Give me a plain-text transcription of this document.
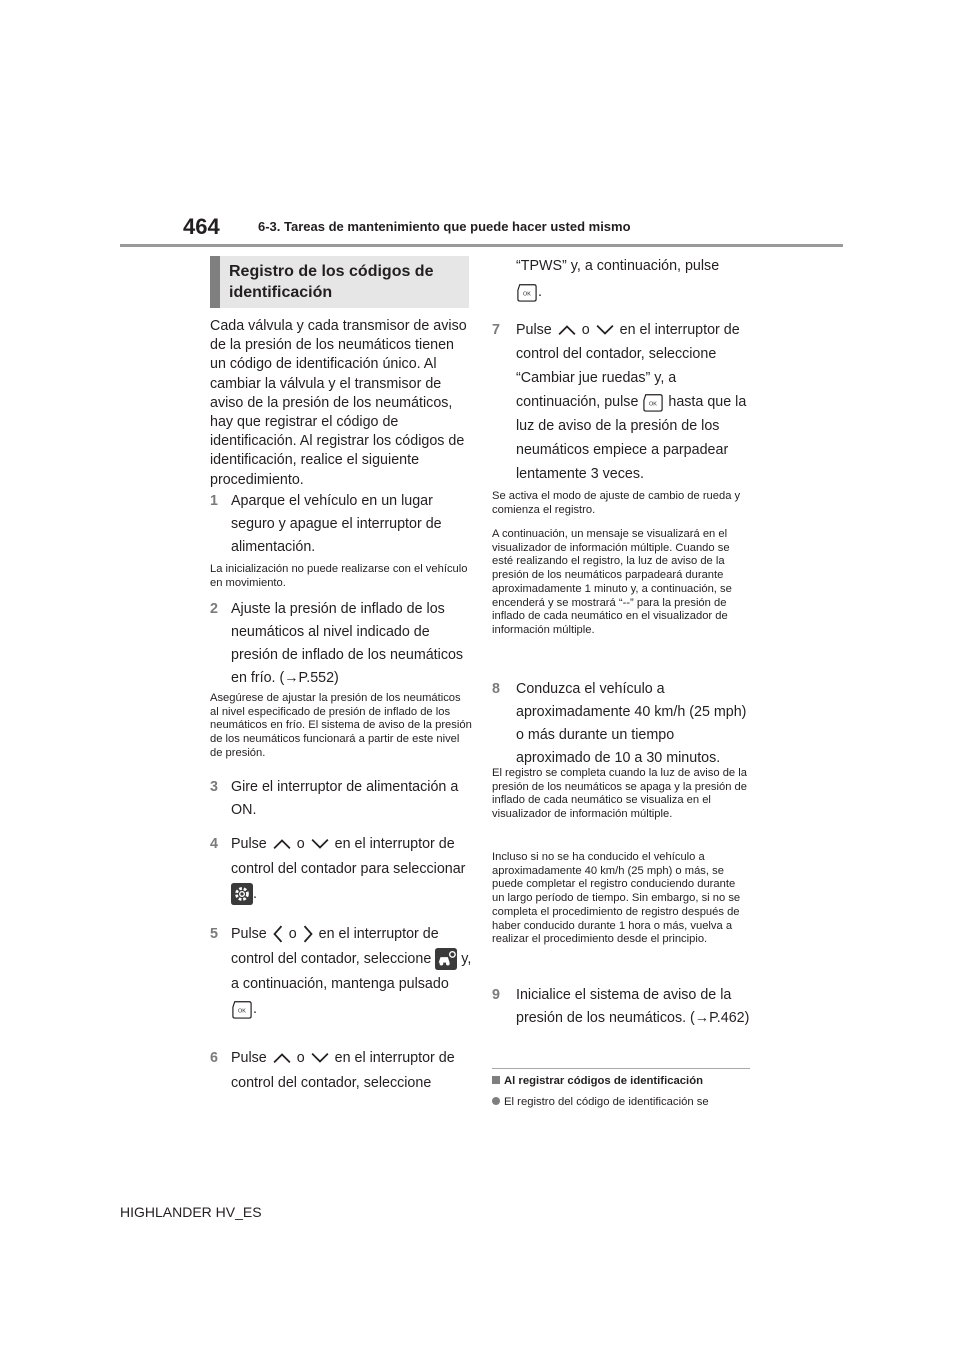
464	6-3. Tareas de mantenimiento que puede hacer usted mismo
Registro de los códigos de identificación
Cada válvula y cada transmisor de aviso de la presión de los neumáticos tienen un código de identificación único. Al cambiar la válvula y el transmisor de aviso de la presión de los neumáticos, hay que registrar el código de identificación. Al registrar los códigos de identificación, realice el siguiente procedimiento.
1 Aparque el vehículo en un lugar seguro y apague el interruptor de alimentación.
La inicialización no puede realizarse con el vehículo en movimiento.
2 Ajuste la presión de inflado de los neumáticos al nivel indicado de presión de inflado de los neumáticos en frío. (→P.552)
Asegúrese de ajustar la presión de los neumáticos al nivel especificado de presión de inflado de los neumáticos en frío. El sistema de aviso de la presión de los neumáticos funcionará a partir de este nivel de presión.
3 Gire el interruptor de alimentación a ON.
4 Pulse o en el interruptor de control del contador para seleccionar .
5 Pulse o en el interruptor de control del contador, seleccione y, a continuación, mantenga pulsado .
6 Pulse o en el interruptor de control del contador, seleccione
“TPWS” y, a continuación, pulse
.
7 Pulse o en el interruptor de control del contador, seleccione “Cambiar jue ruedas” y, a continuación, pulse hasta que la luz de aviso de la presión de los neumáticos empiece a parpadear lentamente 3 veces.
Se activa el modo de ajuste de cambio de rueda y comienza el registro.
A continuación, un mensaje se visualizará en el visualizador de información múltiple. Cuando se esté realizando el registro, la luz de aviso de la presión de los neumáticos parpadeará durante aproximadamente 1 minuto y, a continuación, se encenderá y se mostrará “--” para la presión de inflado de cada neumático en el visualizador de información múltiple.
8 Conduzca el vehículo a aproximadamente 40 km/h (25 mph) o más durante un tiempo aproximado de 10 a 30 minutos.
El registro se completa cuando la luz de aviso de la presión de los neumáticos se apaga y la presión de inflado de cada neumático se visualiza en el visualizador de información múltiple.
Incluso si no se ha conducido el vehículo a aproximadamente 40 km/h (25 mph) o más, se puede completar el registro conduciendo durante un largo período de tiempo. Sin embargo, si no se completa el procedimiento de registro después de haber conducido durante 1 hora o más, vuelva a realizar el procedimiento desde el principio.
9 Inicialice el sistema de aviso de la presión de los neumáticos. (→P.462)
Al registrar códigos de identificación
El registro del código de identificación se
HIGHLANDER HV_ES
